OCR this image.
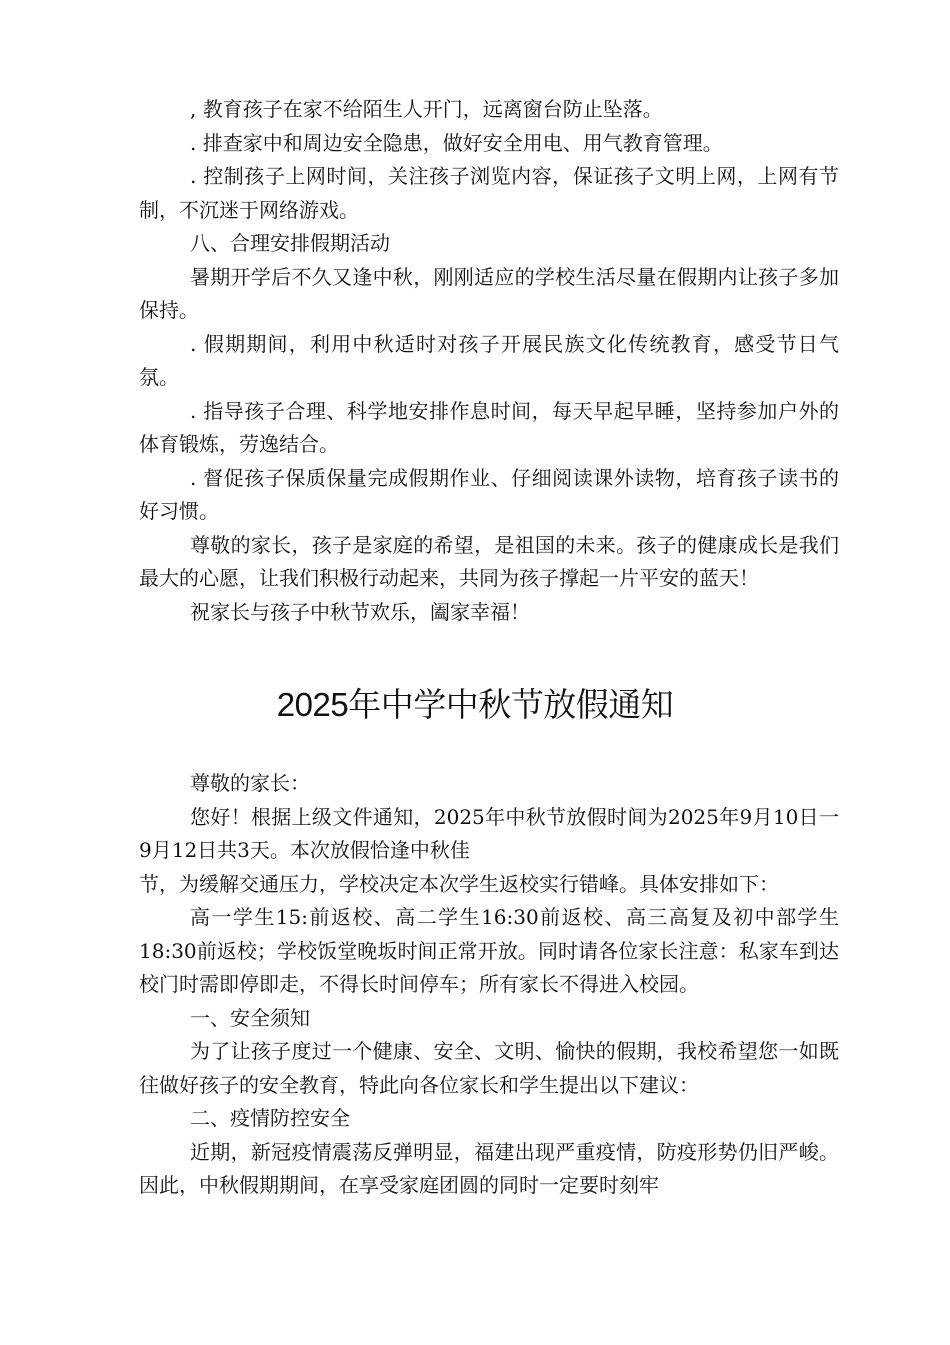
, 教育孩子在家不给陌生人开门，远离窗台防止坠落。

. 排查家中和周边安全隐患，做好安全用电、用气教育管理。

. 控制孩子上网时间，关注孩子浏览内容，保证孩子文明上网，上网有节制，不沉迷于网络游戏。

八、合理安排假期活动

暑期开学后不久又逢中秋，刚刚适应的学校生活尽量在假期内让孩子多加保持。

. 假期期间，利用中秋适时对孩子开展民族文化传统教育，感受节日气氛。

. 指导孩子合理、科学地安排作息时间，每天早起早睡，坚持参加户外的体育锻炼，劳逸结合。

. 督促孩子保质保量完成假期作业、仔细阅读课外读物，培育孩子读书的好习惯。

尊敬的家长，孩子是家庭的希望，是祖国的未来。孩子的健康成长是我们最大的心愿，让我们积极行动起来，共同为孩子撑起一片平安的蓝天！

祝家长与孩子中秋节欢乐，阖家幸福！

2025年中学中秋节放假通知

尊敬的家长：

您好！根据上级文件通知，2025年中秋节放假时间为2025年9月10日一9月12日共3天。本次放假恰逢中秋佳
节，为缓解交通压力，学校决定本次学生返校实行错峰。具体安排如下：

高一学生15:前返校、高二学生16:30前返校、高三高复及初中部学生18:30前返校；学校饭堂晚坂时间正常开放。同时请各位家长注意：私家车到达校门时需即停即走，不得长时间停车；所有家长不得进入校园。

一、安全须知

为了让孩子度过一个健康、安全、文明、愉快的假期，我校希望您一如既往做好孩子的安全教育，特此向各位家长和学生提出以下建议：

二、疫情防控安全

近期，新冠疫情震荡反弹明显，福建出现严重疫情，防疫形势仍旧严峻。因此，中秋假期期间，在享受家庭团圆的同时一定要时刻牢
